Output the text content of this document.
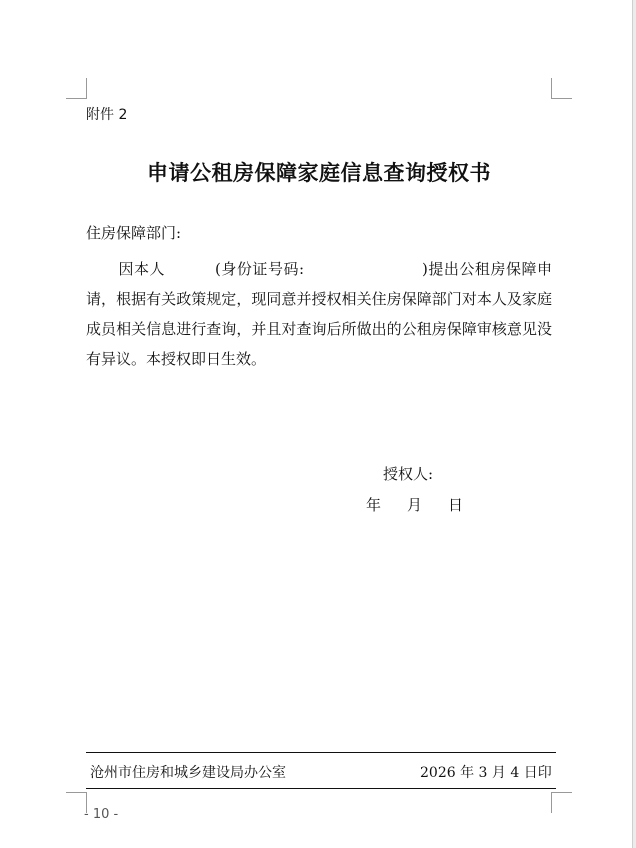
附件 2
申请公租房保障家庭信息查询授权书
住房保障部门:
因本人	(身份证号码:	)提出公租房保障申请，根据有关政策规定，现同意并授权相关住房保障部门对本人及家庭成员相关信息进行查询，并且对查询后所做出的公租房保障审核意见没有异议。本授权即日生效。
授权人:
年 月 日
沧州市住房和城乡建设局办公室	2026 年 3 月 4 日印
- 10 -
